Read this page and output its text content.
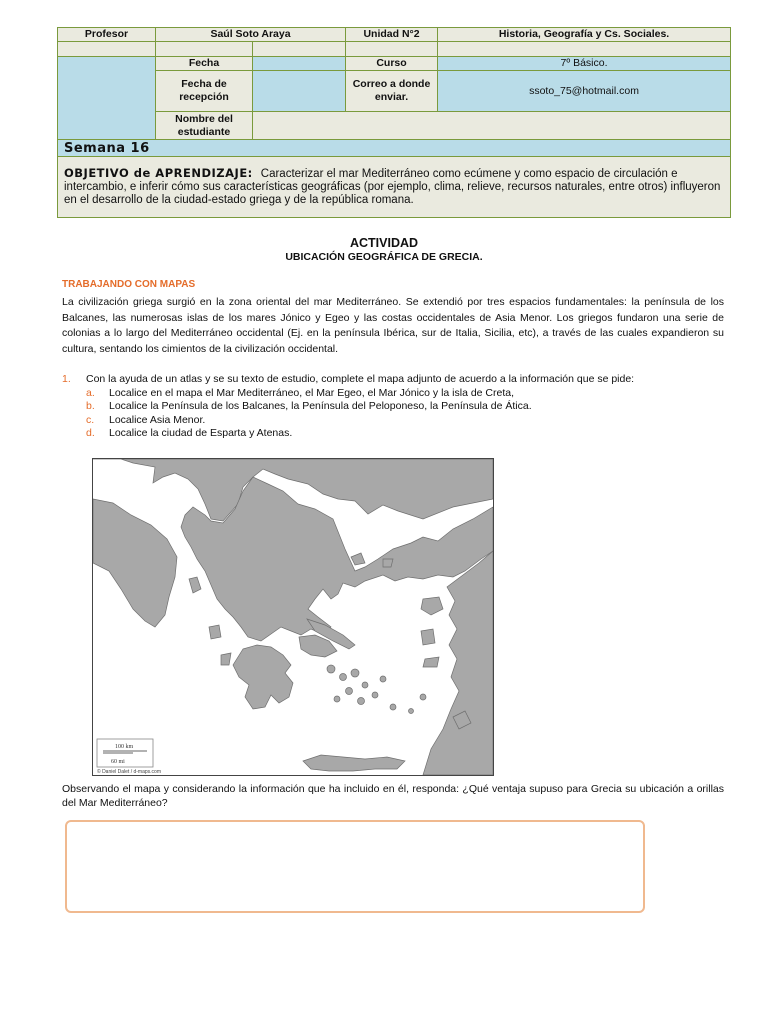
Profesor	Saúl Soto Araya		Unidad N°2	Historia, Geografía y Cs. Sociales.

	Fecha		Curso	7º Básico.
	Fecha de recepción		Correo a donde enviar.	ssoto_75@hotmail.com
	Nombre del estudiante			
Semana 16				
OBJETIVO de APRENDIZAJE: Caracterizar el mar Mediterráneo como ecúmene y como espacio de circulación e intercambio, e inferir cómo sus características geográficas (por ejemplo, clima, relieve, recursos naturales, entre otros) influyeron en el desarrollo de la ciudad-estado griega y de la república romana.				
ACTIVIDAD
UBICACIÓN GEOGRÁFICA DE GRECIA.
TRABAJANDO CON MAPAS
La civilización griega surgió en la zona oriental del mar Mediterráneo. Se extendió por tres espacios fundamentales: la península de los Balcanes, las numerosas islas de los mares Jónico y Egeo y las costas occidentales de Asia Menor. Los griegos fundaron una serie de colonias a lo largo del Mediterráneo occidental (Ej. en la península Ibérica, sur de Italia, Sicilia, etc), a través de las cuales expandieron su cultura, sentando los cimientos de la civilización occidental.
1. Con la ayuda de un atlas y se su texto de estudio, complete el mapa adjunto de acuerdo a la información que se pide:
a. Localice en el mapa el Mar Mediterráneo, el Mar Egeo, el Mar Jónico y la isla de Creta,
b. Localice la Península de los Balcanes, la Península del Peloponeso, la Península de Ática.
c. Localice Asia Menor.
d. Localice la ciudad de Esparta y Atenas.
100 km
60 mi
© Daniel Dalet / d-maps.com
Observando el mapa y considerando la información que ha incluido en él, responda: ¿Qué ventaja supuso para Grecia su ubicación a orillas del Mar Mediterráneo?
